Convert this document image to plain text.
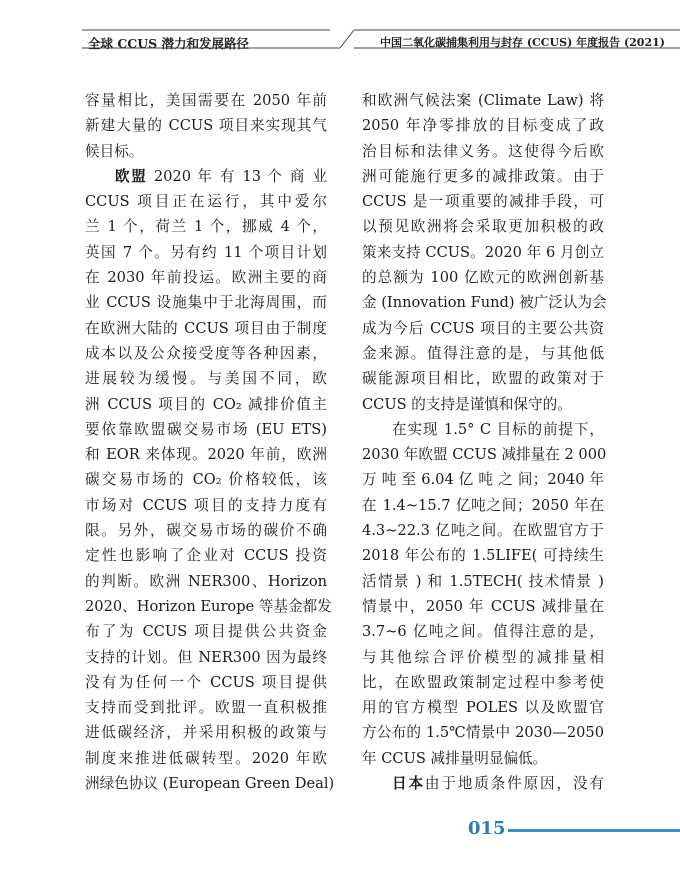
全球 CCUS 潜力和发展路径	中国二氧化碳捕集利用与封存 (CCUS) 年度报告 (2021)
容量相比，美国需要在 2050 年前
新建大量的 CCUS 项目来实现其气
候目标。
欧盟 2020 年 有 13 个 商 业
CCUS 项目正在运行，其中爱尔
兰 1 个，荷兰 1 个，挪威 4 个，
英国 7 个。另有约 11 个项目计划
在 2030 年前投运。欧洲主要的商
业 CCUS 设施集中于北海周围，而
在欧洲大陆的 CCUS 项目由于制度
成本以及公众接受度等各种因素，
进展较为缓慢。与美国不同，欧
洲 CCUS 项目的 CO₂ 减排价值主
要依靠欧盟碳交易市场 (EU ETS)
和 EOR 来体现。2020 年前，欧洲
碳交易市场的 CO₂ 价格较低，该
市场对 CCUS 项目的支持力度有
限。另外，碳交易市场的碳价不确
定性也影响了企业对 CCUS 投资
的判断。欧洲 NER300、Horizon
2020、Horizon Europe 等基金都发
布了为 CCUS 项目提供公共资金
支持的计划。但 NER300 因为最终
没有为任何一个 CCUS 项目提供
支持而受到批评。欧盟一直积极推
进低碳经济，并采用积极的政策与
制度来推进低碳转型。2020 年欧
洲绿色协议 (European Green Deal)
和欧洲气候法案 (Climate Law) 将
2050 年净零排放的目标变成了政
治目标和法律义务。这使得今后欧
洲可能施行更多的减排政策。由于
CCUS 是一项重要的减排手段，可
以预见欧洲将会采取更加积极的政
策来支持 CCUS。2020 年 6 月创立
的总额为 100 亿欧元的欧洲创新基
金 (Innovation Fund) 被广泛认为会
成为今后 CCUS 项目的主要公共资
金来源。值得注意的是，与其他低
碳能源项目相比，欧盟的政策对于
CCUS 的支持是谨慎和保守的。
在实现 1.5° C 目标的前提下，
2030 年欧盟 CCUS 减排量在 2 000
万 吨 至 6.04 亿 吨 之 间；2040 年
在 1.4~15.7 亿吨之间；2050 年在
4.3~22.3 亿吨之间。在欧盟官方于
2018 年公布的 1.5LIFE( 可持续生
活情景 ) 和 1.5TECH( 技术情景 )
情景中，2050 年 CCUS 减排量在
3.7~6 亿吨之间。值得注意的是，
与其他综合评价模型的减排量相
比，在欧盟政策制定过程中参考使
用的官方模型 POLES 以及欧盟官
方公布的 1.5℃情景中 2030—2050
年 CCUS 减排量明显偏低。
日本由于地质条件原因，没有
015
